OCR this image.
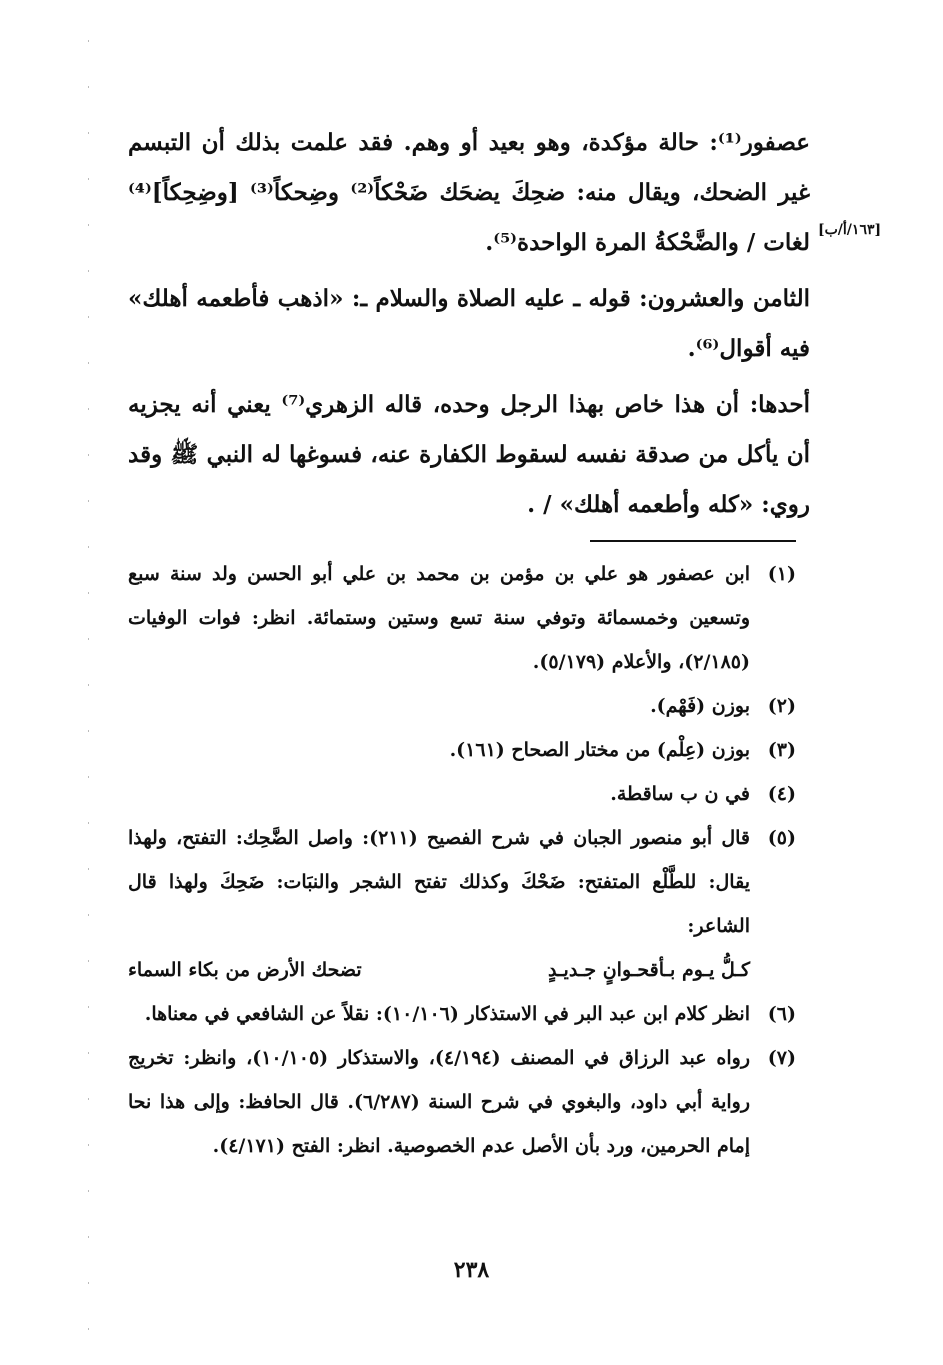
[١٦٣/أ/ب]

عصفور⁽¹⁾: حالة مؤكدة، وهو بعيد أو وهم. فقد علمت بذلك أن التبسم غير الضحك، ويقال منه: ضحِكَ يضحَك ضَحْكاً⁽²⁾ وضِحكاً⁽³⁾ [وضِحِكاً]⁽⁴⁾ لغات / والضَّحْكةُ المرة الواحدة⁽⁵⁾.

الثامن والعشرون: قوله ـ عليه الصلاة والسلام ـ: «اذهب فأطعمه أهلك» فيه أقوال⁽⁶⁾.

أحدها: أن هذا خاص بهذا الرجل وحده، قاله الزهري⁽⁷⁾ يعني أنه يجزيه أن يأكل من صدقة نفسه لسقوط الكفارة عنه، فسوغها له النبي ﷺ وقد روي: «كله وأطعمه أهلك» / .

(١)
ابن عصفور هو علي بن مؤمن بن محمد بن علي أبو الحسن ولد سنة سبع وتسعين وخمسمائة وتوفي سنة تسع وستين وستمائة. انظر: فوات الوفيات (٢/١٨٥)، والأعلام (٥/١٧٩).
(٢)
بوزن (فَهْم).
(٣)
بوزن (عِلْم) من مختار الصحاح (١٦١).
(٤)
في ن ب ساقطة.
(٥)
قال أبو منصور الجبان في شرح الفصيح (٢١١): واصل الضَّحِك: التفتح، ولهذا يقال: للطَّلْع المتفتح: ضَحْكَ وكذلك تفتح الشجر والنبَات: ضَحِكَ ولهذا قال الشاعر:
كـلُّ يـوم بـأقحـوانٍ جـديـدٍ
تضحك الأرض من بكاء السماء
(٦)
انظر كلام ابن عبد البر في الاستذكار (١٠/١٠٦): نقلاً عن الشافعي في معناها.
(٧)
رواه عبد الرزاق في المصنف (٤/١٩٤)، والاستذكار (١٠/١٠٥)، وانظر: تخريج رواية أبي داود، والبغوي في شرح السنة (٦/٢٨٧). قال الحافظ: وإلى هذا نحا إمام الحرمين، ورد بأن الأصل عدم الخصوصية. انظر: الفتح (٤/١٧١).
٢٣٨
